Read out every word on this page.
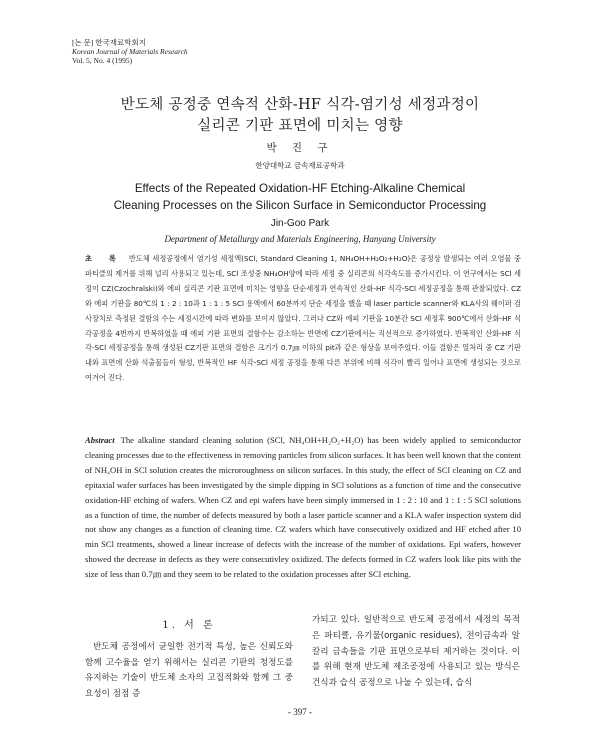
[논 문] 한국재료학회지
Korean Journal of Materials Research
Vol. 5, No. 4 (1995)
반도체 공정중 연속적 산화-HF 식각-염기성 세정과정이
실리콘 기판 표면에 미치는 영향
박 진 구
한양대학교 금속재료공학과
Effects of the Repeated Oxidation-HF Etching-Alkaline Chemical
Cleaning Processes on the Silicon Surface in Semiconductor Processing
Jin-Goo Park
Department of Metallurgy and Materials Engineering, Hanyang University
초 록 반도체 세정공정에서 염기성 세정액(SCl, Standard Cleaning 1, NH₄OH+H₂O₂+H₂O)은 공정상 발생되는 여러 오염물 중 파티클의 제거를 위해 널리 사용되고 있는데, SCl 조성중 NH₄OH양에 따라 세정 중 실리콘의 식각속도를 증가시킨다. 이 연구에서는 SCl 세정이 CZ(Czochralski)와 에피 실리콘 기판 표면에 미치는 영향을 단순세정과 연속적인 산화-HF 식각-SCl 세정공정을 통해 관찰되었다. CZ와 에피 기판을 80℃의 1 : 2 : 10과 1 : 1 : 5 SCl 용액에서 60분까지 단순 세정을 했을 때 laser particle scanner와 KLA사의 웨이퍼 검사장치로 측정된 결함의 수는 세정시간에 따라 변화를 보이지 않았다. 그러나 CZ와 에피 기판을 10분간 SCl 세정후 900℃에서 산화-HF 식각공정을 4번까지 반복하였을 때 에피 기판 표면의 결함수는 감소하는 반면에 CZ기판에서는 직선적으로 증가하였다. 반복적인 산화-HF 식각-SCl 세정공정을 통해 생성된 CZ기판 표면의 결함은 크기가 0.7㎛ 이하의 pit과 같은 형상을 보여주었다. 이들 결함은 열처리 중 CZ 기판내와 표면에 산화 석출물들이 형성, 반복적인 HF 식각-SCl 세정 공정을 통해 다른 부위에 비해 식각이 빨리 일어나 표면에 생성되는 것으로 여겨어 진다.
Abstract The alkaline standard cleaning solution (SCl, NH₄OH+H₂O₂+H₂O) has been widely applied to semiconductor cleaning processes due to the effectiveness in removing particles from silicon surfaces. It has been well known that the content of NH₄OH in SCl solution creates the microroughness on silicon surfaces. In this study, the effect of SCl cleaning on CZ and epitaxial wafer surfaces has been investigated by the simple dipping in SCl solutions as a function of time and the consecutive oxidation-HF etching of wafers. When CZ and epi wafers have been simply immersed in 1 : 2 : 10 and 1 : 1 : 5 SCl solutions as a function of time, the number of defects measured by both a laser particle scanner and a KLA wafer inspection system did not show any changes as a function of cleaning time. CZ wafers which have consecutively oxidized and HF etched after 10 min SCl treatments, showed a linear increase of defects with the increase of the number of oxidations. Epi wafers, however showed the decrease in defects as they were consecutivley oxidized. The defects formed in CZ wafers look like pits with the size of less than 0.7㎛ and they seem to be related to the oxidation processes after SCl etching.
1. 서 론

반도체 공정에서 균일한 전기적 특성, 높은 신뢰도와 함께 고수율을 얻기 위해서는 실리콘 기판의 청정도를 유지하는 기술이 반도체 소자의 고집적화와 함께 그 중요성이 점점 증

가되고 있다. 일반적으로 반도체 공정에서 세정의 목적은 파티클, 유기물(organic residues), 전이금속과 알칼리 금속들을 기판 표면으로부터 제거하는 것이다. 이를 위해 현재 반도체 제조공정에 사용되고 있는 방식은 건식과 습식 공정으로 나눌 수 있는데, 습식

- 397 -
